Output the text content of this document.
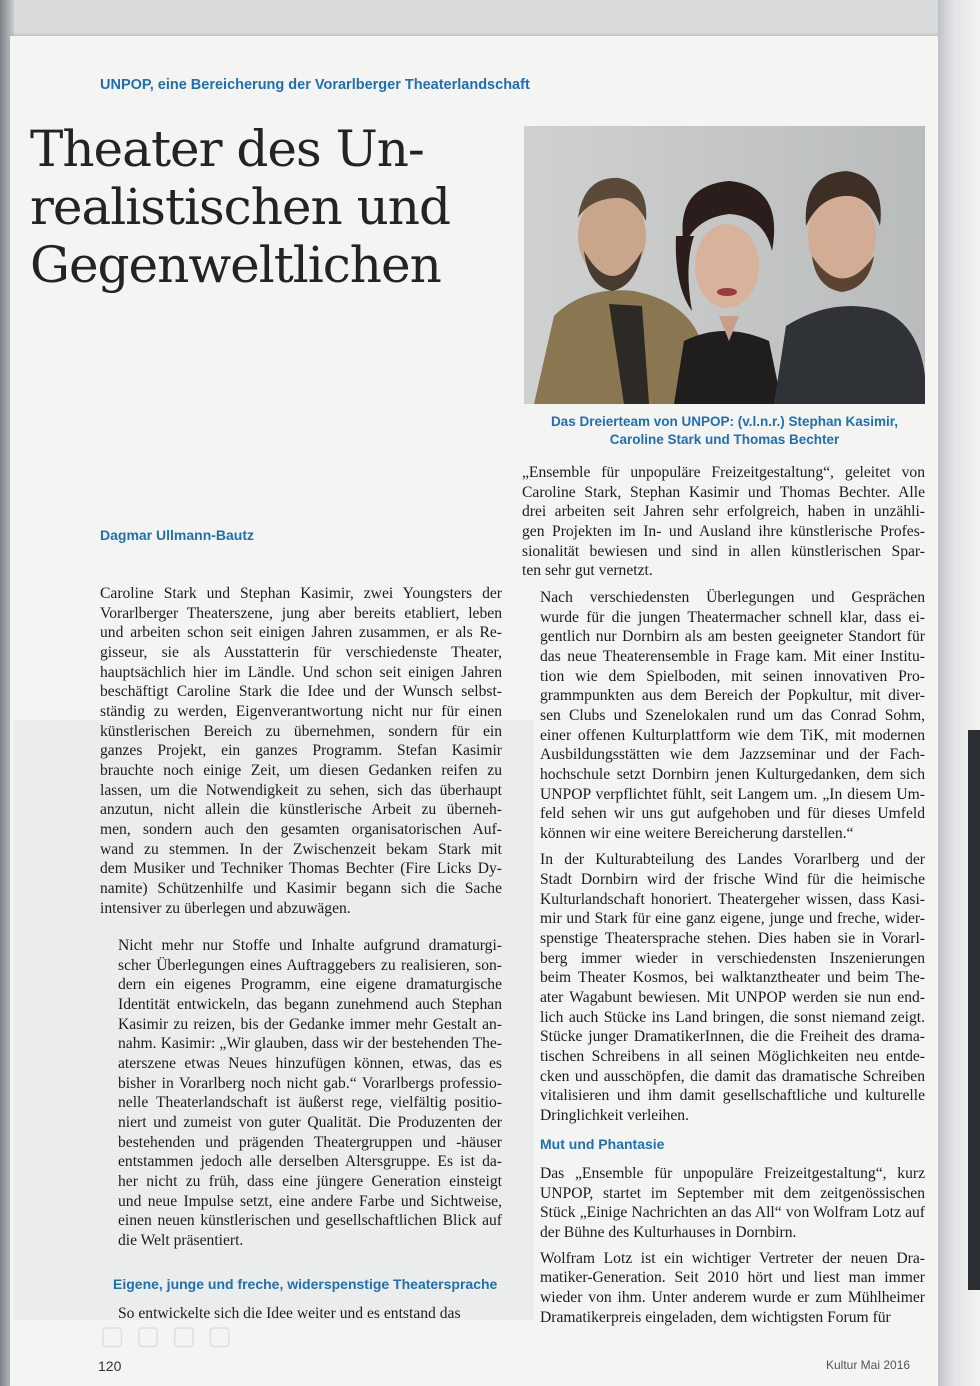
UNPOP, eine Bereicherung der Vorarlberger Theaterlandschaft
Theater des Un-
realistischen und
Gegenweltlichen
Das Dreierteam von UNPOP: (v.l.n.r.) Stephan Kasimir,
Caroline Stark und Thomas Bechter
Dagmar Ullmann-Bautz

Caroline Stark und Stephan Kasimir, zwei Youngsters der
Vorarlberger Theaterszene, jung aber bereits etabliert, leben
und arbeiten schon seit einigen Jahren zusammen, er als Re-
gisseur, sie als Ausstatterin für verschiedenste Theater,
hauptsächlich hier im Ländle. Und schon seit einigen Jahren
beschäftigt Caroline Stark die Idee und der Wunsch selbst-
ständig zu werden, Eigenverantwortung nicht nur für einen
künstlerischen Bereich zu übernehmen, sondern für ein
ganzes Projekt, ein ganzes Programm. Stefan Kasimir
brauchte noch einige Zeit, um diesen Gedanken reifen zu
lassen, um die Notwendigkeit zu sehen, sich das überhaupt
anzutun, nicht allein die künstlerische Arbeit zu überneh-
men, sondern auch den gesamten organisatorischen Auf-
wand zu stemmen. In der Zwischenzeit bekam Stark mit
dem Musiker und Techniker Thomas Bechter (Fire Licks Dy-
namite) Schützenhilfe und Kasimir begann sich die Sache
intensiver zu überlegen und abzuwägen.

Nicht mehr nur Stoffe und Inhalte aufgrund dramaturgi-
scher Überlegungen eines Auftraggebers zu realisieren, son-
dern ein eigenes Programm, eine eigene dramaturgische
Identität entwickeln, das begann zunehmend auch Stephan
Kasimir zu reizen, bis der Gedanke immer mehr Gestalt an-
nahm. Kasimir: „Wir glauben, dass wir der bestehenden The-
aterszene etwas Neues hinzufügen können, etwas, das es
bisher in Vorarlberg noch nicht gab.“ Vorarlbergs professio-
nelle Theaterlandschaft ist äußerst rege, vielfältig positio-
niert und zumeist von guter Qualität. Die Produzenten der
bestehenden und prägenden Theatergruppen und -häuser
entstammen jedoch alle derselben Altersgruppe. Es ist da-
her nicht zu früh, dass eine jüngere Generation einsteigt
und neue Impulse setzt, eine andere Farbe und Sichtweise,
einen neuen künstlerischen und gesellschaftlichen Blick auf
die Welt präsentiert.

Eigene, junge und freche, widerspenstige Theatersprache

So entwickelte sich die Idee weiter und es entstand das

„Ensemble für unpopuläre Freizeitgestaltung“, geleitet von
Caroline Stark, Stephan Kasimir und Thomas Bechter. Alle
drei arbeiten seit Jahren sehr erfolgreich, haben in unzähli-
gen Projekten im In- und Ausland ihre künstlerische Profes-
sionalität bewiesen und sind in allen künstlerischen Spar-
ten sehr gut vernetzt.

Nach verschiedensten Überlegungen und Gesprächen
wurde für die jungen Theatermacher schnell klar, dass ei-
gentlich nur Dornbirn als am besten geeigneter Standort für
das neue Theaterensemble in Frage kam. Mit einer Institu-
tion wie dem Spielboden, mit seinen innovativen Pro-
grammpunkten aus dem Bereich der Popkultur, mit diver-
sen Clubs und Szenelokalen rund um das Conrad Sohm,
einer offenen Kulturplattform wie dem TiK, mit modernen
Ausbildungsstätten wie dem Jazzseminar und der Fach-
hochschule setzt Dornbirn jenen Kulturgedanken, dem sich
UNPOP verpflichtet fühlt, seit Langem um. „In diesem Um-
feld sehen wir uns gut aufgehoben und für dieses Umfeld
können wir eine weitere Bereicherung darstellen.“

In der Kulturabteilung des Landes Vorarlberg und der
Stadt Dornbirn wird der frische Wind für die heimische
Kulturlandschaft honoriert. Theatergeher wissen, dass Kasi-
mir und Stark für eine ganz eigene, junge und freche, wider-
spenstige Theatersprache stehen. Dies haben sie in Vorarl-
berg immer wieder in verschiedensten Inszenierungen
beim Theater Kosmos, bei walktanztheater und beim The-
ater Wagabunt bewiesen. Mit UNPOP werden sie nun end-
lich auch Stücke ins Land bringen, die sonst niemand zeigt.
Stücke junger DramatikerInnen, die die Freiheit des drama-
tischen Schreibens in all seinen Möglichkeiten neu entde-
cken und ausschöpfen, die damit das dramatische Schreiben
vitalisieren und ihm damit gesellschaftliche und kulturelle
Dringlichkeit verleihen.

Mut und Phantasie

Das „Ensemble für unpopuläre Freizeitgestaltung“, kurz
UNPOP, startet im September mit dem zeitgenössischen
Stück „Einige Nachrichten an das All“ von Wolfram Lotz auf
der Bühne des Kulturhauses in Dornbirn.

Wolfram Lotz ist ein wichtiger Vertreter der neuen Dra-
matiker-Generation. Seit 2010 hört und liest man immer
wieder von ihm. Unter anderem wurde er zum Mühlheimer
Dramatikerpreis eingeladen, dem wichtigsten Forum für

▢ ▢ ▢ ▢
120	Kultur Mai 2016
